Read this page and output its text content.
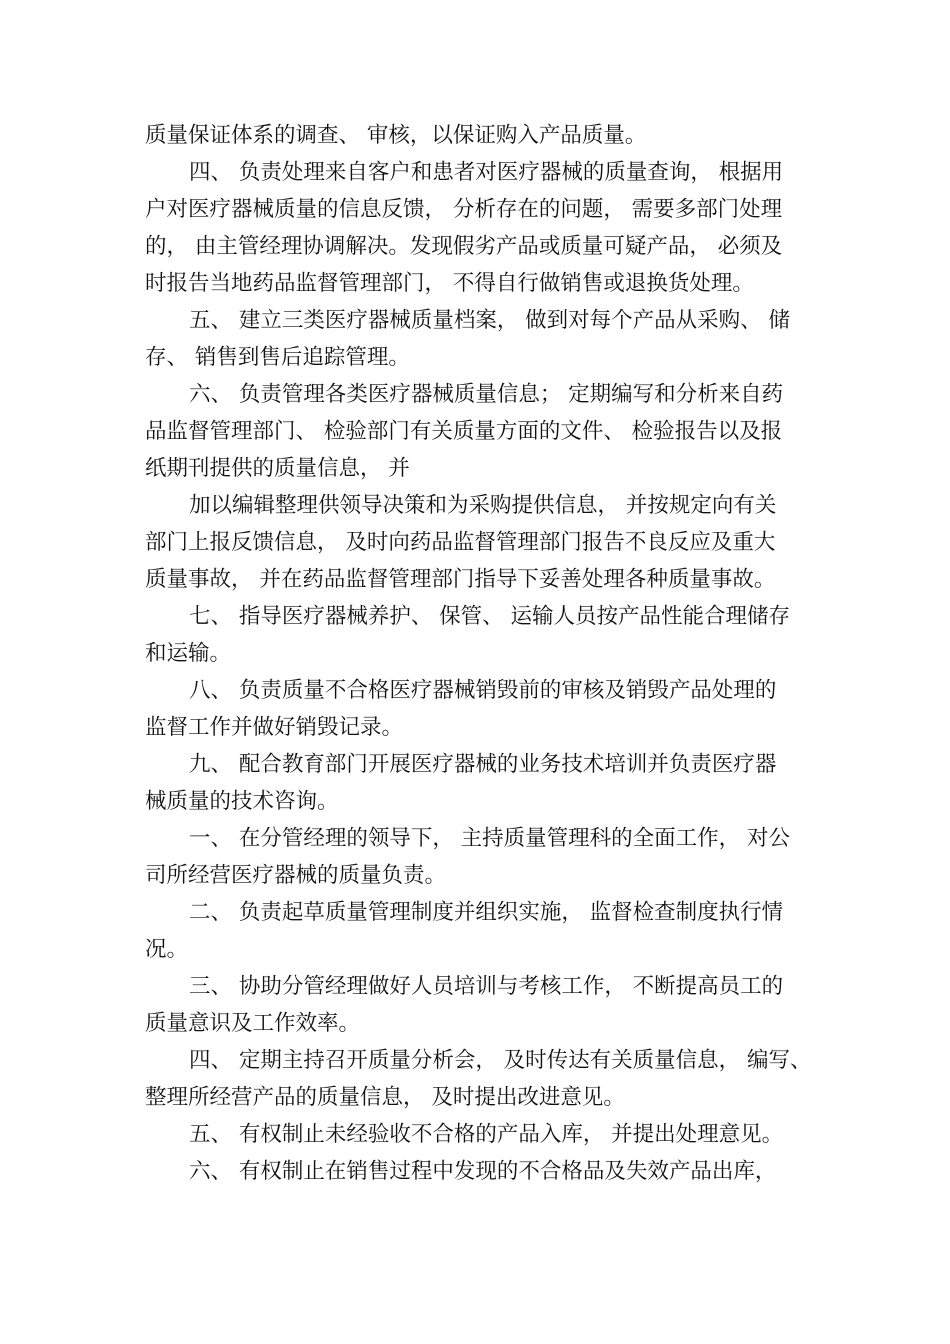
质量保证体系的调查、 审核，以保证购入产品质量。
四、 负责处理来自客户和患者对医疗器械的质量查询， 根据用
户对医疗器械质量的信息反馈， 分析存在的问题， 需要多部门处理
的， 由主管经理协调解决。发现假劣产品或质量可疑产品， 必须及
时报告当地药品监督管理部门， 不得自行做销售或退换货处理。
五、 建立三类医疗器械质量档案， 做到对每个产品从采购、 储
存、 销售到售后追踪管理。
六、 负责管理各类医疗器械质量信息； 定期编写和分析来自药
品监督管理部门、 检验部门有关质量方面的文件、 检验报告以及报
纸期刊提供的质量信息， 并
加以编辑整理供领导决策和为采购提供信息， 并按规定向有关
部门上报反馈信息， 及时向药品监督管理部门报告不良反应及重大
质量事故， 并在药品监督管理部门指导下妥善处理各种质量事故。
七、 指导医疗器械养护、 保管、 运输人员按产品性能合理储存
和运输。
八、 负责质量不合格医疗器械销毁前的审核及销毁产品处理的
监督工作并做好销毁记录。
九、 配合教育部门开展医疗器械的业务技术培训并负责医疗器
械质量的技术咨询。
一、 在分管经理的领导下， 主持质量管理科的全面工作， 对公
司所经营医疗器械的质量负责。
二、 负责起草质量管理制度并组织实施， 监督检查制度执行情
况。
三、 协助分管经理做好人员培训与考核工作， 不断提高员工的
质量意识及工作效率。
四、 定期主持召开质量分析会， 及时传达有关质量信息， 编写、
整理所经营产品的质量信息， 及时提出改进意见。
五、 有权制止未经验收不合格的产品入库， 并提出处理意见。
六、 有权制止在销售过程中发现的不合格品及失效产品出库，
